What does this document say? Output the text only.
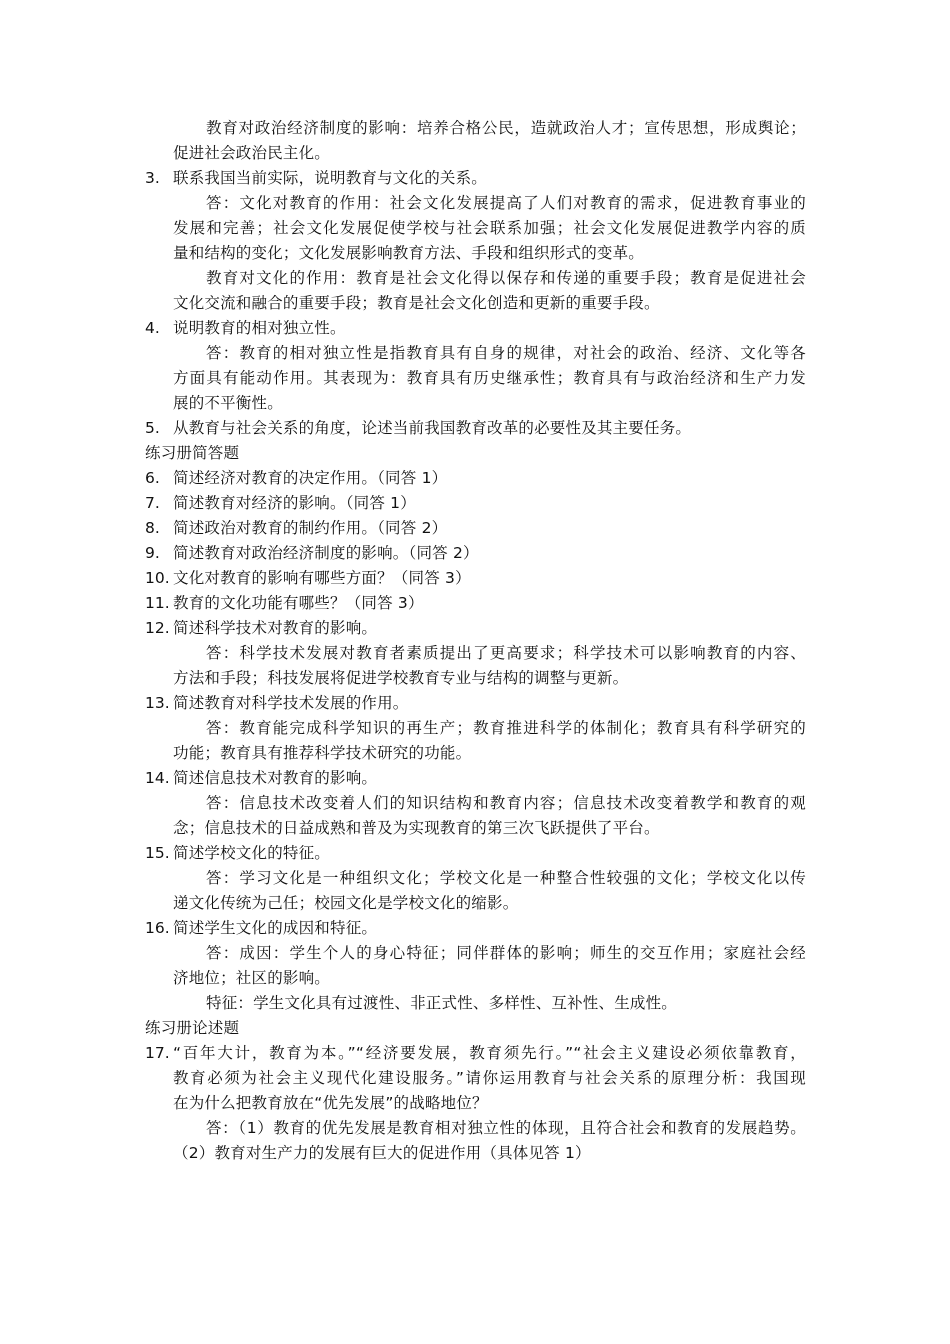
教育对政治经济制度的影响：培养合格公民，造就政治人才；宣传思想，形成舆论；
促进社会政治民主化。
3. 联系我国当前实际，说明教育与文化的关系。
答：文化对教育的作用：社会文化发展提高了人们对教育的需求，促进教育事业的
发展和完善；社会文化发展促使学校与社会联系加强；社会文化发展促进教学内容的质
量和结构的变化；文化发展影响教育方法、手段和组织形式的变革。
教育对文化的作用：教育是社会文化得以保存和传递的重要手段；教育是促进社会
文化交流和融合的重要手段；教育是社会文化创造和更新的重要手段。
4. 说明教育的相对独立性。
答：教育的相对独立性是指教育具有自身的规律，对社会的政治、经济、文化等各
方面具有能动作用。其表现为：教育具有历史继承性；教育具有与政治经济和生产力发
展的不平衡性。
5. 从教育与社会关系的角度，论述当前我国教育改革的必要性及其主要任务。
练习册简答题
6. 简述经济对教育的决定作用。（同答 1）
7. 简述教育对经济的影响。（同答 1）
8. 简述政治对教育的制约作用。（同答 2）
9. 简述教育对政治经济制度的影响。（同答 2）
10. 文化对教育的影响有哪些方面？（同答 3）
11. 教育的文化功能有哪些？（同答 3）
12. 简述科学技术对教育的影响。
答：科学技术发展对教育者素质提出了更高要求；科学技术可以影响教育的内容、
方法和手段；科技发展将促进学校教育专业与结构的调整与更新。
13. 简述教育对科学技术发展的作用。
答：教育能完成科学知识的再生产；教育推进科学的体制化；教育具有科学研究的
功能；教育具有推荐科学技术研究的功能。
14. 简述信息技术对教育的影响。
答：信息技术改变着人们的知识结构和教育内容；信息技术改变着教学和教育的观
念；信息技术的日益成熟和普及为实现教育的第三次飞跃提供了平台。
15. 简述学校文化的特征。
答：学习文化是一种组织文化；学校文化是一种整合性较强的文化；学校文化以传
递文化传统为己任；校园文化是学校文化的缩影。
16. 简述学生文化的成因和特征。
答：成因：学生个人的身心特征；同伴群体的影响；师生的交互作用；家庭社会经
济地位；社区的影响。
特征：学生文化具有过渡性、非正式性、多样性、互补性、生成性。
练习册论述题
17. “百年大计，教育为本。”“经济要发展，教育须先行。”“社会主义建设必须依靠教育，
教育必须为社会主义现代化建设服务。”请你运用教育与社会关系的原理分析：我国现
在为什么把教育放在“优先发展”的战略地位？
答：（1）教育的优先发展是教育相对独立性的体现，且符合社会和教育的发展趋势。
（2）教育对生产力的发展有巨大的促进作用（具体见答 1）
